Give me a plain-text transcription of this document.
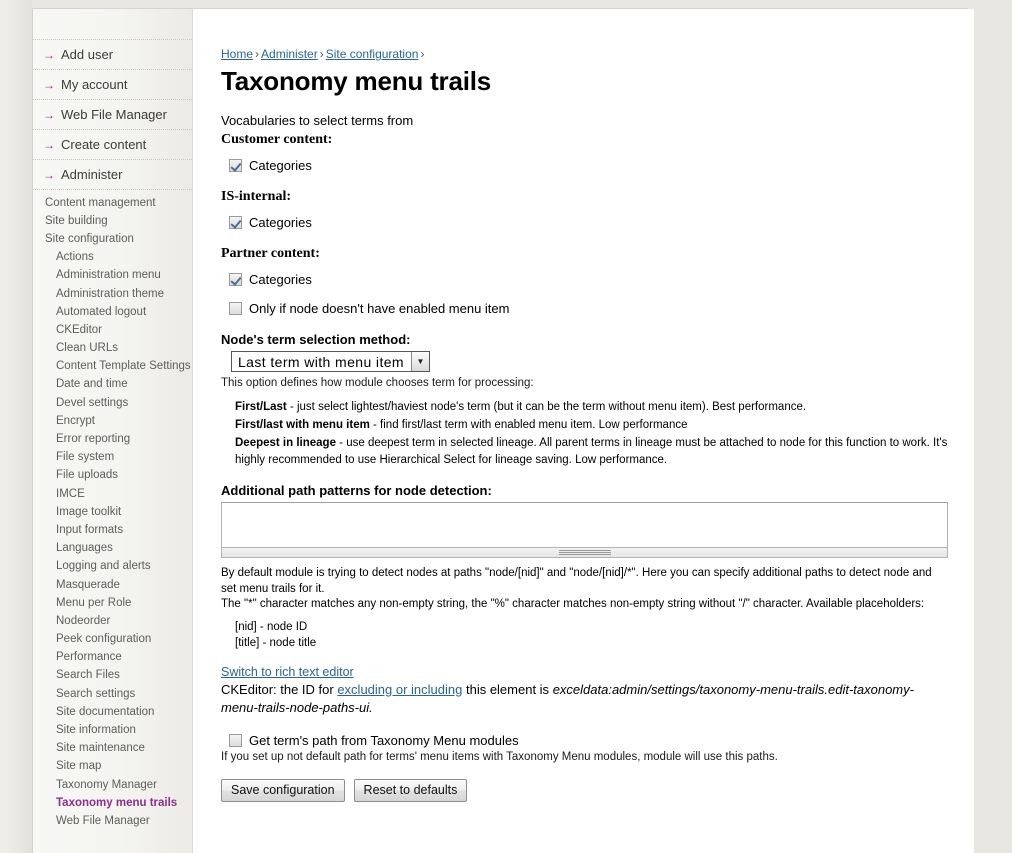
→ Add user
→ My account
→ Web File Manager
→ Create content
→ Administer
Content management
Site building
Site configuration
Actions
Administration menu
Administration theme
Automated logout
CKEditor
Clean URLs
Content Template Settings
Date and time
Devel settings
Encrypt
Error reporting
File system
File uploads
IMCE
Image toolkit
Input formats
Languages
Logging and alerts
Masquerade
Menu per Role
Nodeorder
Peek configuration
Performance
Search Files
Search settings
Site documentation
Site information
Site maintenance
Site map
Taxonomy Manager
Taxonomy menu trails
Web File Manager
Home › Administer › Site configuration ›
Taxonomy menu trails
Vocabularies to select terms from
Customer content:
Categories
IS-internal:
Categories
Partner content:
Categories
Only if node doesn't have enabled menu item
Node's term selection method:
Last term with menu item	▼
This option defines how module chooses term for processing:
First/Last - just select lightest/haviest node's term (but it can be the term without menu item). Best performance.
First/last with menu item - find first/last term with enabled menu item. Low performance
Deepest in lineage - use deepest term in selected lineage. All parent terms in lineage must be attached to node for this function to work. It's highly recommended to use Hierarchical Select for lineage saving. Low performance.
Additional path patterns for node detection:
By default module is trying to detect nodes at paths "node/[nid]" and "node/[nid]/*". Here you can specify additional paths to detect node and set menu trails for it.
The "*" character matches any non-empty string, the "%" character matches non-empty string without "/" character. Available placeholders:
[nid] - node ID
[title] - node title
Switch to rich text editor
CKEditor: the ID for excluding or including this element is exceldata:admin/settings/taxonomy-menu-trails.edit-taxonomy-menu-trails-node-paths-ui.
Get term's path from Taxonomy Menu modules
If you set up not default path for terms' menu items with Taxonomy Menu modules, module will use this paths.
Save configuration	Reset to defaults
